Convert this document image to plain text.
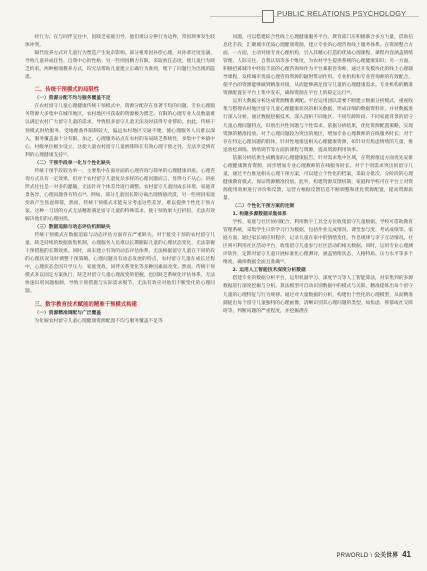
PUBLIC RELATIONS PSYCHOLOGY

经行为。在与同伴交往中，因缺乏家庭引导，他们难以分辨行为边界，常因琐事发生肢体冲突。

隔代抚养方式对儿童行为塑造产生复杂影响。部分祖辈因补偿心理，对孙辈过度宠溺，导致儿童养成任性、自我中心的性格；另一些则因精力有限，采取放任态度，使儿童行为缺乏约束。两种极端教养方式，均无法帮助儿童建立正确行为准则，埋下了问题行为出现的隐患。

二、传统干预模式的局限性
（一）资源分配不均与服务覆盖不足

在农村留守儿童心理健康传统干预模式中，资源分配存在显著不均的问题，专业心理服务资源大多集中在城市地区，农村地区可获取的资源极为匮乏。有限的心理专业人员数量难以满足农村广大留守儿童的需求，导致很多留守儿童无法及时获得专业帮助。由此，传统干预模式供给服务，受地理条件限制较大，偏远农村地区交通不便，使心理服务人员难以深入，服务覆盖面十分有限。加之，心理服务站点在农村的布局缺乏系统性，多集中于乡镇中心，村级单位极少设立，这使大量农村留守儿童被排除在有效心理干预之外，无法享受到有利的心理健康支持¹²。

（二）干预手段单一化与个性化缺失

传统干预手段较为单一，主要集中在面对面的心理咨询与简单的心理健康讲座。心理咨询方式具有一定效果，但对于农村留守儿童复杂多样的心理问题而言，显得力不从心。讲座形式往往是一对多的灌输，无法针对个体差异进行调整。农村留守儿童因成长环境、家庭背景各异，心理问题各有特点¹⁴。例如，部分儿童因长期分离出现情感淡漠，另一些则因家庭变故产生焦虑抑郁，然而，传统干预模式未能充分考虑这些差异，难以提供个性化干预方案。这种一刀切的方式无法精准满足留守儿童的特殊需求，使干预效果大打折扣，无法有效解决他们的心理困扰。

（三）数据追踪与动态评估机制缺失

传统干预模式在数据追踪与动态评估方面存在严重缺失。对于接受干预的农村留守儿童，缺乏持续的数据收集机制，心理服务人员难以长期跟踪儿童的心理状态变化，无法掌握干预措施的长期效果。同时，尚未建立有效的动态评估体系，无法根据留守儿童在不同阶段的心理状况及时调整干预策略。心理问题具有动态发展的特点，农村留守儿童在成长过程中，心理状态会因升学压力、家庭变故、同伴关系变化等多种因素而改变。然而，传统干预模式多以固定方案执行，缺乏对留守儿童心理演变的把握，也因缺乏系统化评估体系，无法快速识别问题根源，导致干预措施与实际需求脱节，无法有效应对他们不断变化的心理问题。

三、数字教育技术赋能的精准干预模式构建
（一）资源精准调配与广泛覆盖

为化解农村留守儿童心理健康资源配置不均与服务覆盖不足等

问题，可以搭建综合性线上心理健康服务平台。教育部门应积极联合多方力量，借助信息化手段，汇聚城市优质心理健康资源，建立专业的心理咨询线上服务体系。在资源整合方面，一方面，主动对接专业心理机构，引入其精心打造的优质心理课程，课程内容涵盖情绪管理、人际交往、自我认知等多个维度，为农村学生提供系统的心理健康知识；另一方面，积极招募城市中经验丰富的心理咨询师作为平台兼职咨询师，通过开发模块化的线上心理辅导课程，发挥城市优质心理咨询资源的辐射带动作用。专业机构和专业咨询师的有效配合，使平台的资源能够做到精准对接，从而能够满足留守儿童的心理健康需求。专业机构的精准资源配置在平台上集中发布，确保资源在平台上的稳定运行¹⁶。

运用大数据分析达成资源精准调配。平台运用团队需要不断建立数据分析模式，重视收集与整理农村地区留守儿童心理健康状况的相关数据，形成详细的数据资料库，并对数据进行深入分析。通过数据挖掘技术，深入剖析不同地区、不同年龄阶段、不同家庭背景的留守儿童心理问题特点，识别出共性问题与个性需求。依据分析结果，优化资源配置策略，实现资源的精准投放。对于心理问题较为突出的地区，增加专业心理教师的在线服务时长；对于存在特定心理问题的群体，针对性地推送相关心理健康资源，如针对有焦虑情绪的儿童，推送放松训练、情绪调节等方面的课程与资源，提高资源利用效率。

依据分析结果生成精准的心理健康报告。针对需求集中区域，在资源推送方面优先安排心理健康教育资源，同步增加专业心理教师的在线服务时长。对于个别需求突出的留守儿童，通过平台推送相关心理干预方案，可以建立个性化的档案，采取分批次、分阶段的心理健康教育模式，保证资源精准投放。此外，构建资源反馈机制，家庭和学校可在平台上对资源使用效果进行评价和反馈，运营方根据反馈信息不断调整和优化资源配置，提高资源质量。

（二）个性化干预方案的定制
1. 构建多源数据采集体系

学校、家庭与社区协同配合，利用数字工具全方位收集留守儿童数据。学校可借助教育管理系统，采集学生日常学习行为数据，包括作业完成情况、课堂参与度、考试成绩等。家庭方面，通过家长端应用程序，记录儿童在家中的情绪变化、作息规律与亲子互动情况。社区则可利用社区活动平台，收集留守儿童参与社区活动的相关数据。同时，运用专业心理测评软件，定期对留守儿童开展标准化心理测评，涵盖情绪状态、人格特质、压力水平等多个维度，确保数据全面且准确¹⁹。

2. 运用人工智能技术深度分析数据

搭建专业的数据分析平台，运用机器学习、深度学习等人工智能算法，对采集到的多源数据进行深度挖掘与分析。算法模型可自动识别数据中的模式与关联，精准提炼出每个留守儿童的心理特征与行为规律。通过对大量数据的分析，构建出个性化的心理模型，从而精准捕捉出每个留守儿童独特的心理画像，清晰识别其心理问题的类型，如焦虑、抑郁或社交障碍等，判断问题的严重程度，并挖掘潜在

PRWORLD \ 公关世界 41
